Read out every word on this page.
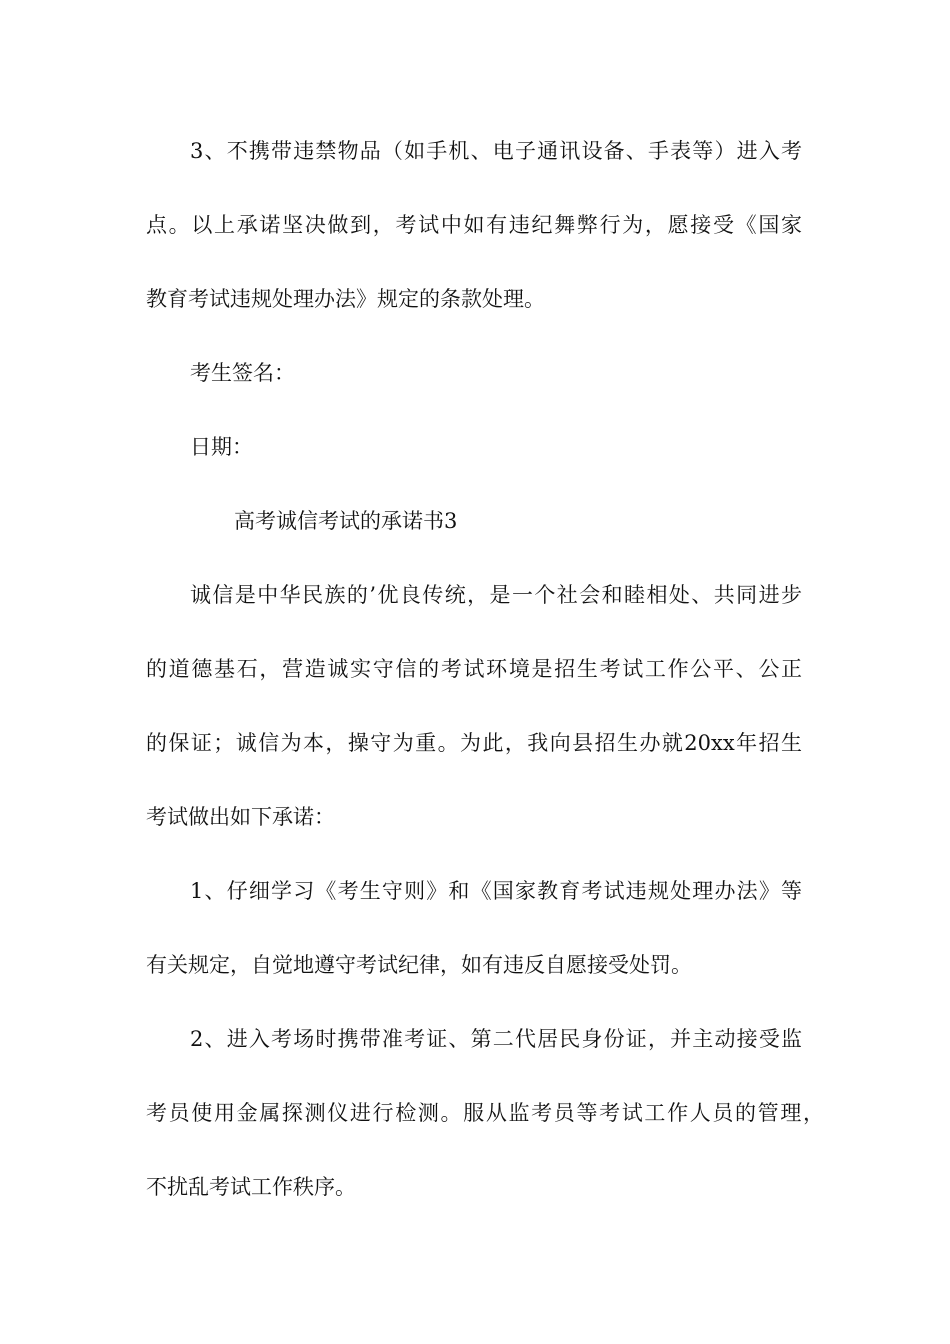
3、不携带违禁物品（如手机、电子通讯设备、手表等）进入考
点。以上承诺坚决做到，考试中如有违纪舞弊行为，愿接受《国家
教育考试违规处理办法》规定的条款处理。
考生签名：
日期：
高考诚信考试的承诺书3
诚信是中华民族的’优良传统，是一个社会和睦相处、共同进步
的道德基石，营造诚实守信的考试环境是招生考试工作公平、公正
的保证；诚信为本，操守为重。为此，我向县招生办就20xx年招生
考试做出如下承诺：
1、仔细学习《考生守则》和《国家教育考试违规处理办法》等
有关规定，自觉地遵守考试纪律，如有违反自愿接受处罚。
2、进入考场时携带准考证、第二代居民身份证，并主动接受监
考员使用金属探测仪进行检测。服从监考员等考试工作人员的管理，
不扰乱考试工作秩序。
